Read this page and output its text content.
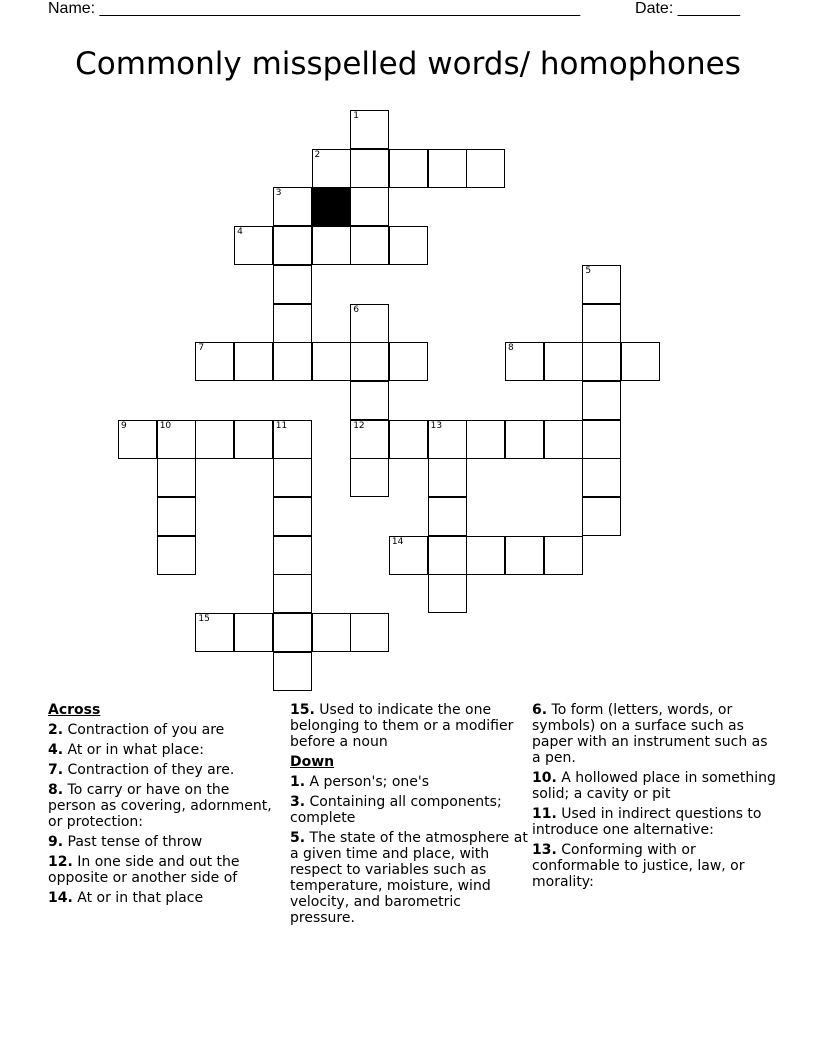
Name: ______________________________________________________	Date: _______
Commonly misspelled words/ homophones
1
2
3
4
5
6
7	8
9	10	11	12	13
14
15
Across
2. Contraction of you are
4. At or in what place:
7. Contraction of they are.
8. To carry or have on the person as covering, adornment, or protection:
9. Past tense of throw
12. In one side and out the opposite or another side of
14. At or in that place
15. Used to indicate the one belonging to them or a modifier before a noun
Down
1. A person's; one's
3. Containing all components; complete
5. The state of the atmosphere at a given time and place, with respect to variables such as temperature, moisture, wind velocity, and barometric pressure.
6. To form (letters, words, or symbols) on a surface such as paper with an instrument such as a pen.
10. A hollowed place in something solid; a cavity or pit
11. Used in indirect questions to introduce one alternative:
13. Conforming with or conformable to justice, law, or morality:
